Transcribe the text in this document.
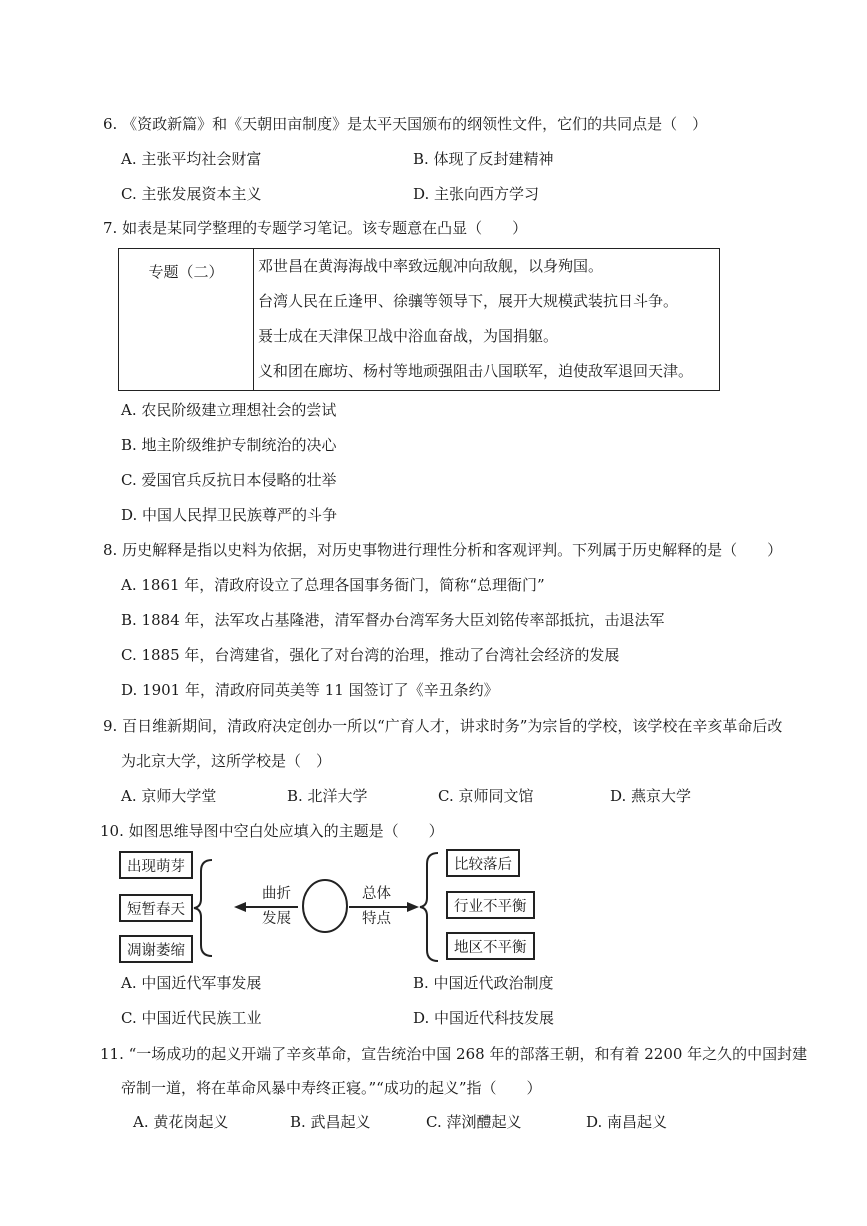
6. 《资政新篇》和《天朝田亩制度》是太平天国颁布的纲领性文件，它们的共同点是（　）
A. 主张平均社会财富	B. 体现了反封建精神
C. 主张发展资本主义	D. 主张向西方学习
7. 如表是某同学整理的专题学习笔记。该专题意在凸显（　　）
专题（二）	邓世昌在黄海海战中率致远舰冲向敌舰，以身殉国。
台湾人民在丘逢甲、徐骧等领导下，展开大规模武装抗日斗争。
聂士成在天津保卫战中浴血奋战，为国捐躯。
义和团在廊坊、杨村等地顽强阻击八国联军，迫使敌军退回天津。
A. 农民阶级建立理想社会的尝试
B. 地主阶级维护专制统治的决心
C. 爱国官兵反抗日本侵略的壮举
D. 中国人民捍卫民族尊严的斗争
8. 历史解释是指以史料为依据，对历史事物进行理性分析和客观评判。下列属于历史解释的是（　　）
A. 1861 年，清政府设立了总理各国事务衙门，简称“总理衙门”
B. 1884 年，法军攻占基隆港，清军督办台湾军务大臣刘铭传率部抵抗，击退法军
C. 1885 年，台湾建省，强化了对台湾的治理，推动了台湾社会经济的发展
D. 1901 年，清政府同英美等 11 国签订了《辛丑条约》
9. 百日维新期间，清政府决定创办一所以“广育人才，讲求时务”为宗旨的学校，该学校在辛亥革命后改
为北京大学，这所学校是（　）
A. 京师大学堂	B. 北洋大学	C. 京师同文馆	D. 燕京大学
10. 如图思维导图中空白处应填入的主题是（　　）
出现萌芽
短暂春天
凋谢萎缩
曲折
发展
总体
特点
比较落后
行业不平衡
地区不平衡
A. 中国近代军事发展	B. 中国近代政治制度
C. 中国近代民族工业	D. 中国近代科技发展
11. “一场成功的起义开端了辛亥革命，宣告统治中国 268 年的部落王朝，和有着 2200 年之久的中国封建
帝制一道，将在革命风暴中寿终正寝。”“成功的起义”指（　　）
A. 黄花岗起义	B. 武昌起义	C. 萍浏醴起义	D. 南昌起义
